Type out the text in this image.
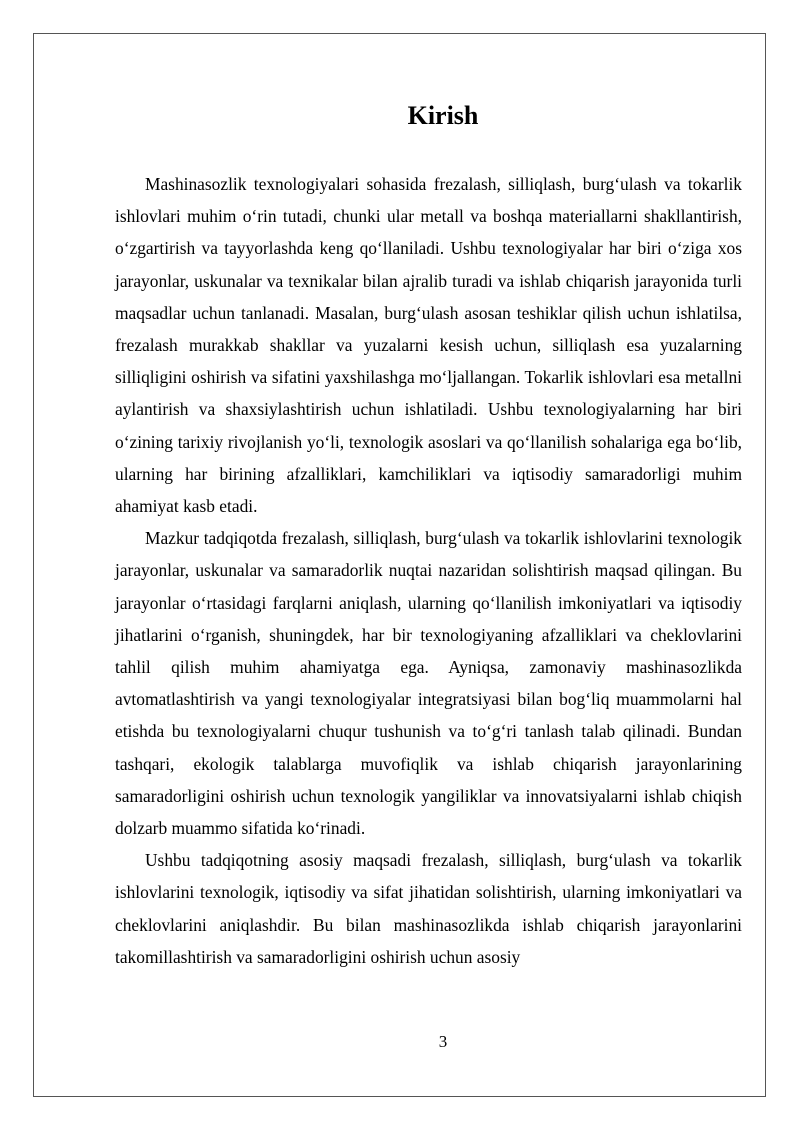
Kirish

Mashinasozlik texnologiyalari sohasida frezalash, silliqlash, burg‘ulash va tokarlik ishlovlari muhim o‘rin tutadi, chunki ular metall va boshqa materiallarni shakllantirish, o‘zgartirish va tayyorlashda keng qo‘llaniladi. Ushbu texnologiyalar har biri o‘ziga xos jarayonlar, uskunalar va texnikalar bilan ajralib turadi va ishlab chiqarish jarayonida turli maqsadlar uchun tanlanadi. Masalan, burg‘ulash asosan teshiklar qilish uchun ishlatilsa, frezalash murakkab shakllar va yuzalarni kesish uchun, silliqlash esa yuzalarning silliqligini oshirish va sifatini yaxshilashga mo‘ljallangan. Tokarlik ishlovlari esa metallni aylantirish va shaxsiylashtirish uchun ishlatiladi. Ushbu texnologiyalarning har biri o‘zining tarixiy rivojlanish yo‘li, texnologik asoslari va qo‘llanilish sohalariga ega bo‘lib, ularning har birining afzalliklari, kamchiliklari va iqtisodiy samaradorligi muhim ahamiyat kasb etadi.

Mazkur tadqiqotda frezalash, silliqlash, burg‘ulash va tokarlik ishlovlarini texnologik jarayonlar, uskunalar va samaradorlik nuqtai nazaridan solishtirish maqsad qilingan. Bu jarayonlar o‘rtasidagi farqlarni aniqlash, ularning qo‘llanilish imkoniyatlari va iqtisodiy jihatlarini o‘rganish, shuningdek, har bir texnologiyaning afzalliklari va cheklovlarini tahlil qilish muhim ahamiyatga ega. Ayniqsa, zamonaviy mashinasozlikda avtomatlashtirish va yangi texnologiyalar integratsiyasi bilan bog‘liq muammolarni hal etishda bu texnologiyalarni chuqur tushunish va to‘g‘ri tanlash talab qilinadi. Bundan tashqari, ekologik talablarga muvofiqlik va ishlab chiqarish jarayonlarining samaradorligini oshirish uchun texnologik yangiliklar va innovatsiyalarni ishlab chiqish dolzarb muammo sifatida ko‘rinadi.

Ushbu tadqiqotning asosiy maqsadi frezalash, silliqlash, burg‘ulash va tokarlik ishlovlarini texnologik, iqtisodiy va sifat jihatidan solishtirish, ularning imkoniyatlari va cheklovlarini aniqlashdir. Bu bilan mashinasozlikda ishlab chiqarish jarayonlarini takomillashtirish va samaradorligini oshirish uchun asosiy

3
